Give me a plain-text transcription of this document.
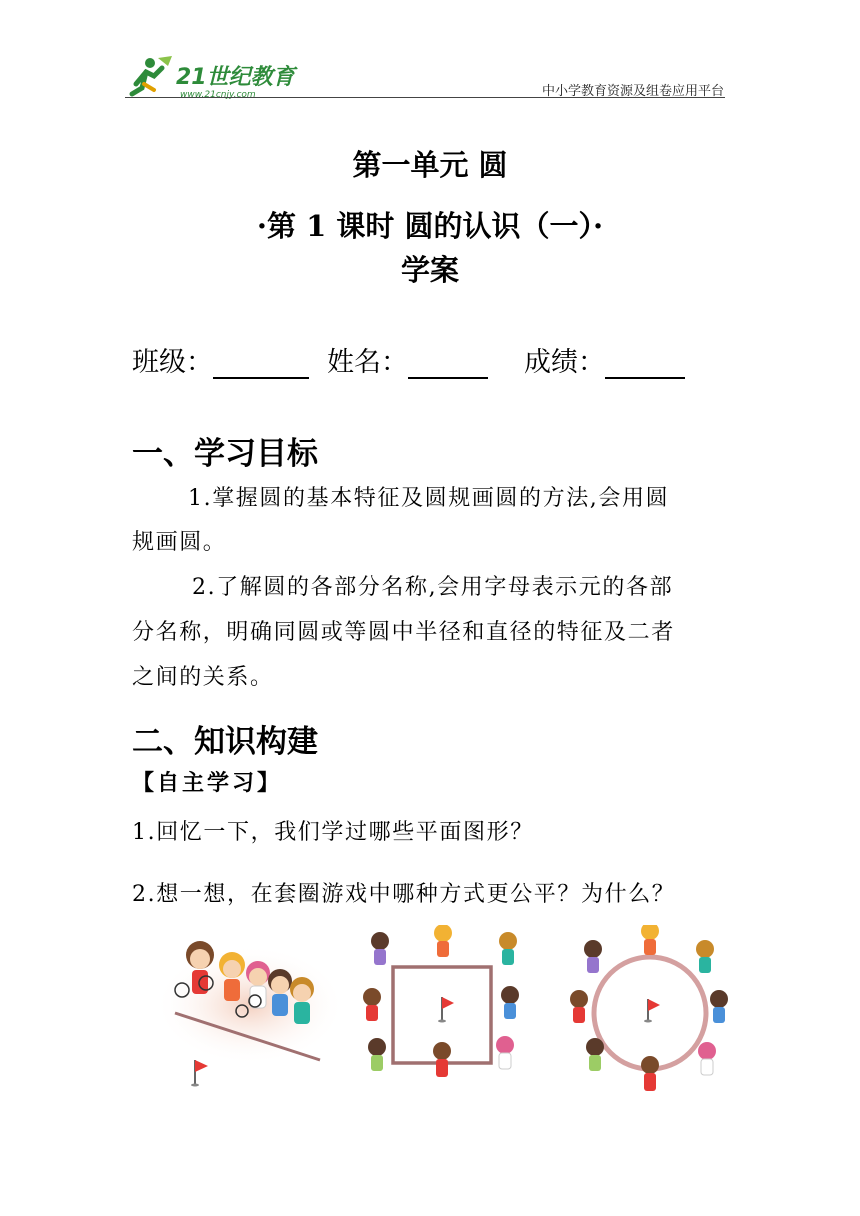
21世纪教育
www.21cnjy.com	中小学教育资源及组卷应用平台
第一单元 圆
·第 1 课时 圆的认识（一）·
学案
班级：	姓名：	成绩：
一、学习目标
1.掌握圆的基本特征及圆规画圆的方法,会用圆
规画圆。
2.了解圆的各部分名称,会用字母表示元的各部
分名称，明确同圆或等圆中半径和直径的特征及二者
之间的关系。
二、知识构建
【自主学习】
1.回忆一下，我们学过哪些平面图形？
2.想一想，在套圈游戏中哪种方式更公平？为什么？
